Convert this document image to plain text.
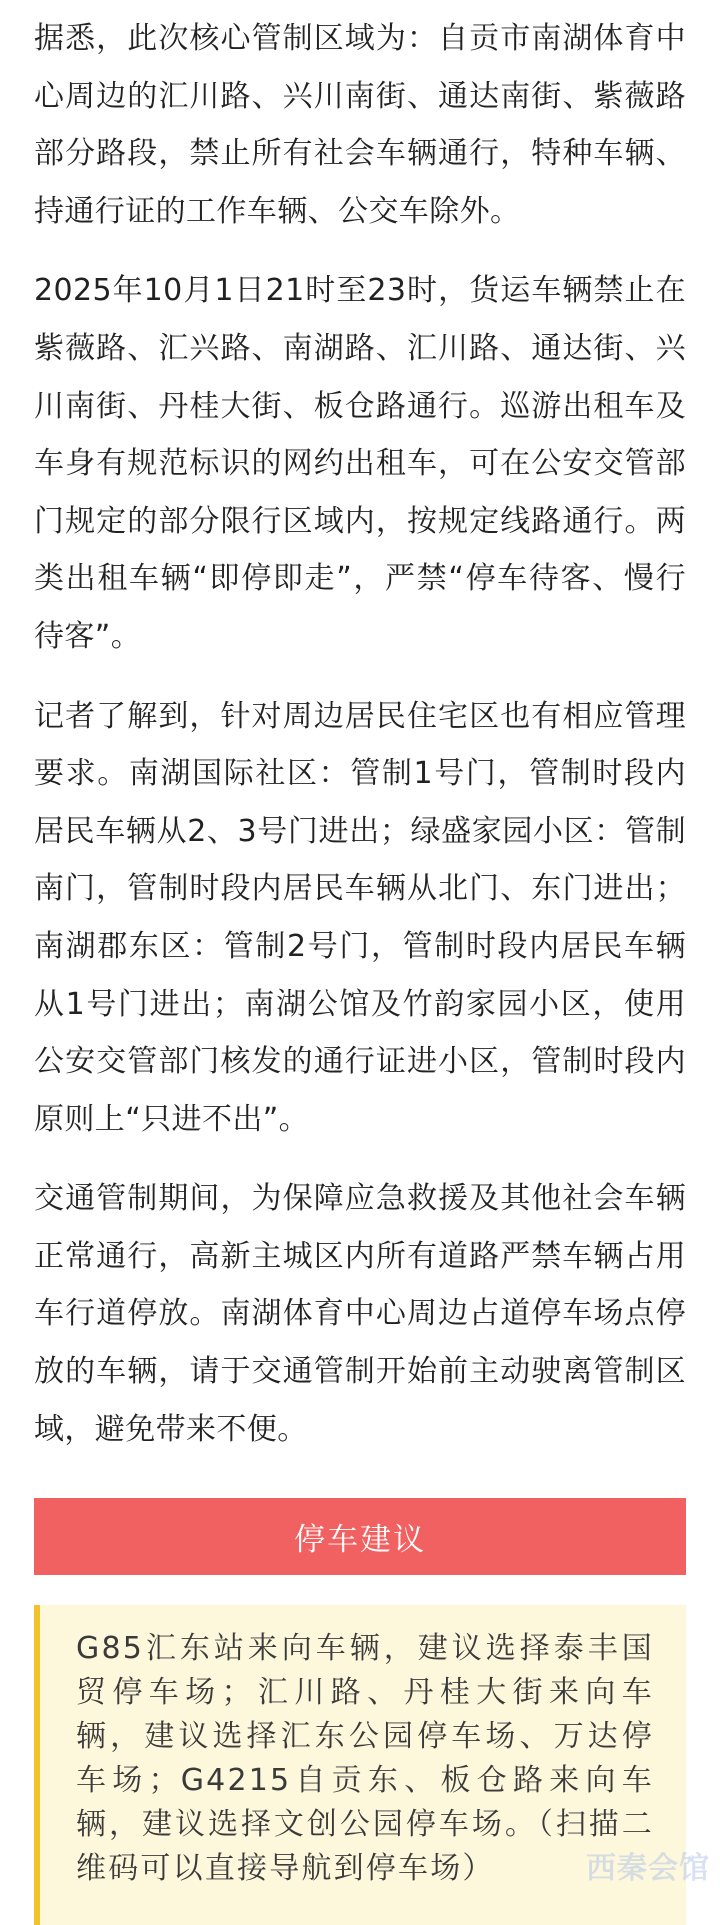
据悉，此次核心管制区域为：自贡市南湖体育中心周边的汇川路、兴川南街、通达南街、紫薇路部分路段，禁止所有社会车辆通行，特种车辆、持通行证的工作车辆、公交车除外。

2025年10月1日21时至23时，货运车辆禁止在紫薇路、汇兴路、南湖路、汇川路、通达街、兴川南街、丹桂大街、板仓路通行。巡游出租车及车身有规范标识的网约出租车，可在公安交管部门规定的部分限行区域内，按规定线路通行。两类出租车辆“即停即走”，严禁“停车待客、慢行待客”。

记者了解到，针对周边居民住宅区也有相应管理要求。南湖国际社区：管制1号门，管制时段内居民车辆从2、3号门进出；绿盛家园小区：管制南门，管制时段内居民车辆从北门、东门进出；南湖郡东区：管制2号门，管制时段内居民车辆从1号门进出；南湖公馆及竹韵家园小区，使用公安交管部门核发的通行证进小区，管制时段内原则上“只进不出”。

交通管制期间，为保障应急救援及其他社会车辆正常通行，高新主城区内所有道路严禁车辆占用车行道停放。南湖体育中心周边占道停车场点停放的车辆，请于交通管制开始前主动驶离管制区域，避免带来不便。

停车建议

G85汇东站来向车辆，建议选择泰丰国贸停车场；汇川路、丹桂大街来向车辆，建议选择汇东公园停车场、万达停车场；G4215自贡东、板仓路来向车辆，建议选择文创公园停车场。（扫描二维码可以直接导航到停车场）	西秦会馆
